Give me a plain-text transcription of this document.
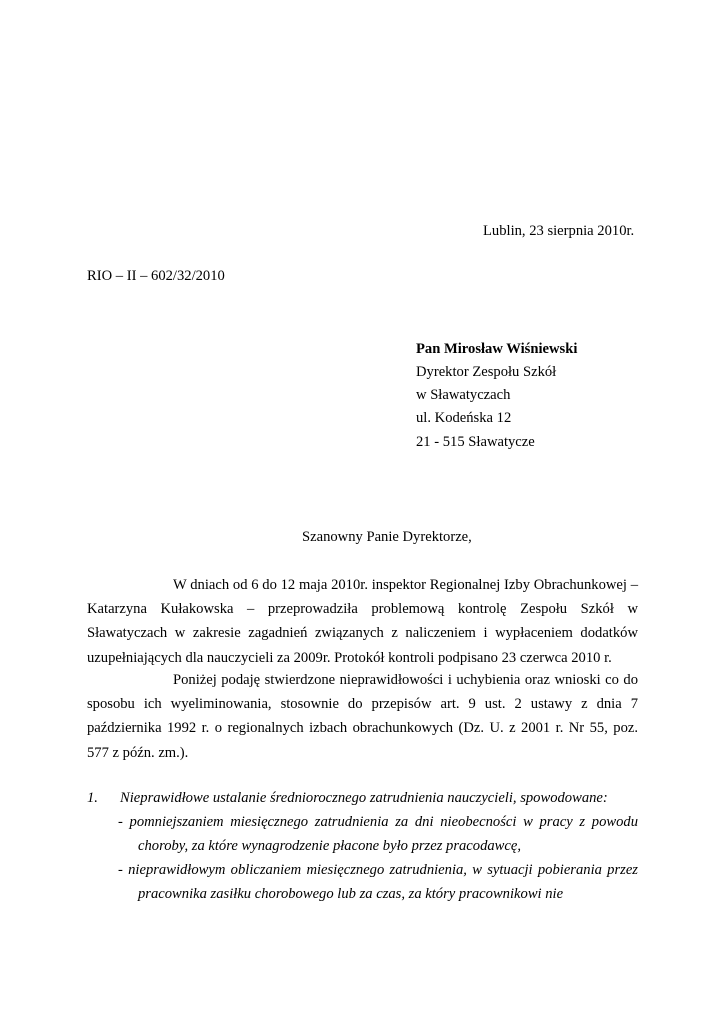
Lublin, 23 sierpnia 2010r.
RIO – II – 602/32/2010
Pan Mirosław Wiśniewski
Dyrektor Zespołu Szkół
w Sławatyczach
ul. Kodeńska 12
21 - 515 Sławatycze
Szanowny Panie Dyrektorze,
W dniach od 6 do 12 maja 2010r. inspektor Regionalnej Izby Obrachunkowej – Katarzyna Kułakowska – przeprowadziła problemową kontrolę Zespołu Szkół w Sławatyczach w zakresie zagadnień związanych z naliczeniem i wypłaceniem dodatków uzupełniających dla nauczycieli za 2009r. Protokół kontroli podpisano 23 czerwca 2010 r.
Poniżej podaję stwierdzone nieprawidłowości i uchybienia oraz wnioski co do sposobu ich wyeliminowania, stosownie do przepisów art. 9 ust. 2 ustawy z dnia 7 października 1992 r. o regionalnych izbach obrachunkowych (Dz. U. z 2001 r. Nr 55, poz. 577 z późn. zm.).
1. Nieprawidłowe ustalanie średniorocznego zatrudnienia nauczycieli, spowodowane:
- pomniejszaniem miesięcznego zatrudnienia za dni nieobecności w pracy z powodu choroby, za które wynagrodzenie płacone było przez pracodawcę,
- nieprawidłowym obliczaniem miesięcznego zatrudnienia, w sytuacji pobierania przez pracownika zasiłku chorobowego lub za czas, za który pracownikowi nie
